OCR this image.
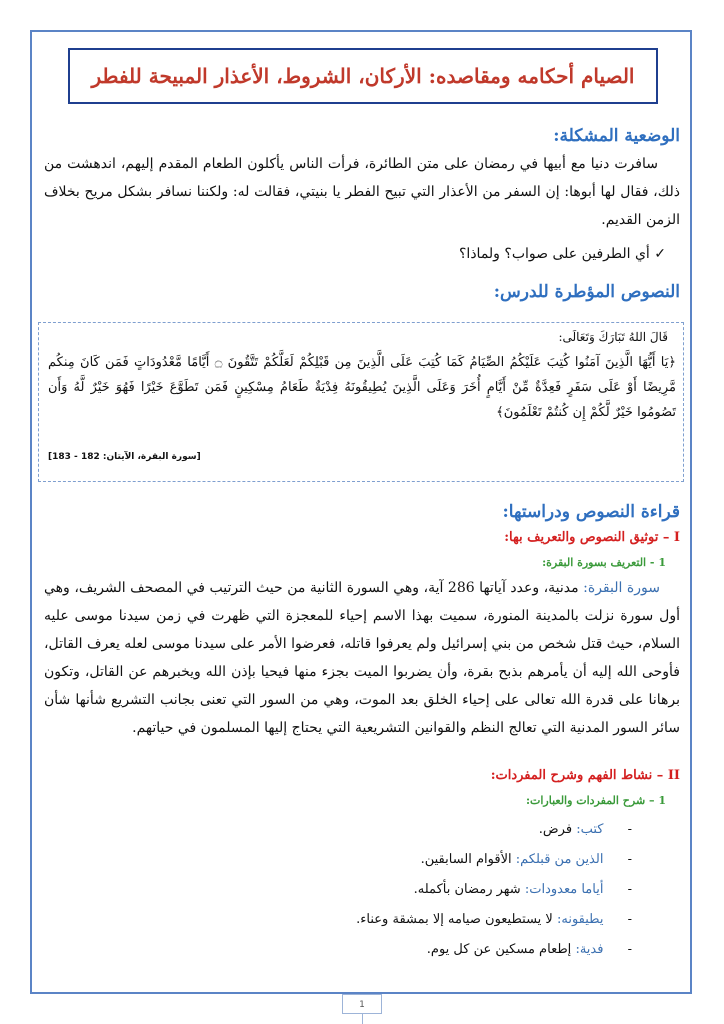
الصيام أحكامه ومقاصده: الأركان، الشروط، الأعذار المبيحة للفطر
الوضعية المشكلة:
سافرت دنيا مع أبيها في رمضان على متن الطائرة، فرأت الناس يأكلون الطعام المقدم إليهم، اندهشت من ذلك، فقال لها أبوها: إن السفر من الأعذار التي تبيح الفطر يا بنيتي، فقالت له: ولكننا نسافر بشكل مريح بخلاف الزمن القديم.
✓ أي الطرفين على صواب؟ ولماذا؟
النصوص المؤطرة للدرس:
قَالَ اللهُ تَبَارَكَ وَتَعَالَى:
﴿يَا أَيُّهَا الَّذِينَ آمَنُوا كُتِبَ عَلَيْكُمُ الصِّيَامُ كَمَا كُتِبَ عَلَى الَّذِينَ مِن قَبْلِكُمْ لَعَلَّكُمْ تَتَّقُونَ ۝ أَيَّامًا مَّعْدُودَاتٍ فَمَن كَانَ مِنكُم مَّرِيضًا أَوْ عَلَى سَفَرٍ فَعِدَّةٌ مِّنْ أَيَّامٍ أُخَرَ وَعَلَى الَّذِينَ يُطِيقُونَهُ فِدْيَةٌ طَعَامُ مِسْكِينٍ فَمَن تَطَوَّعَ خَيْرًا فَهُوَ خَيْرٌ لَّهُ وَأَن تَصُومُوا خَيْرٌ لَّكُمْ إِن كُنتُمْ تَعْلَمُونَ﴾
[سورة البقرة، الآيتان: 182 - 183]
قراءة النصوص ودراستها:
I – توثيق النصوص والتعريف بها:
1 - التعريف بسورة البقرة:
سورة البقرة: مدنية، وعدد آياتها 286 آية، وهي السورة الثانية من حيث الترتيب في المصحف الشريف، وهي أول سورة نزلت بالمدينة المنورة، سميت بهذا الاسم إحياء للمعجزة التي ظهرت في زمن سيدنا موسى عليه السلام، حيث قتل شخص من بني إسرائيل ولم يعرفوا قاتله، فعرضوا الأمر على سيدنا موسى لعله يعرف القاتل، فأوحى الله إليه أن يأمرهم بذبح بقرة، وأن يضربوا الميت بجزء منها فيحيا بإذن الله ويخبرهم عن القاتل، وتكون برهانا على قدرة الله تعالى على إحياء الخلق بعد الموت، وهي من السور التي تعنى بجانب التشريع شأنها شأن سائر السور المدنية التي تعالج النظم والقوانين التشريعية التي يحتاج إليها المسلمون في حياتهم.
II – نشاط الفهم وشرح المفردات:
1 – شرح المفردات والعبارات:
- كتب: فرض.
- الذين من قبلكم: الأقوام السابقين.
- أياما معدودات: شهر رمضان بأكمله.
- يطيقونه: لا يستطيعون صيامه إلا بمشقة وعناء.
- فدية: إطعام مسكين عن كل يوم.
1
